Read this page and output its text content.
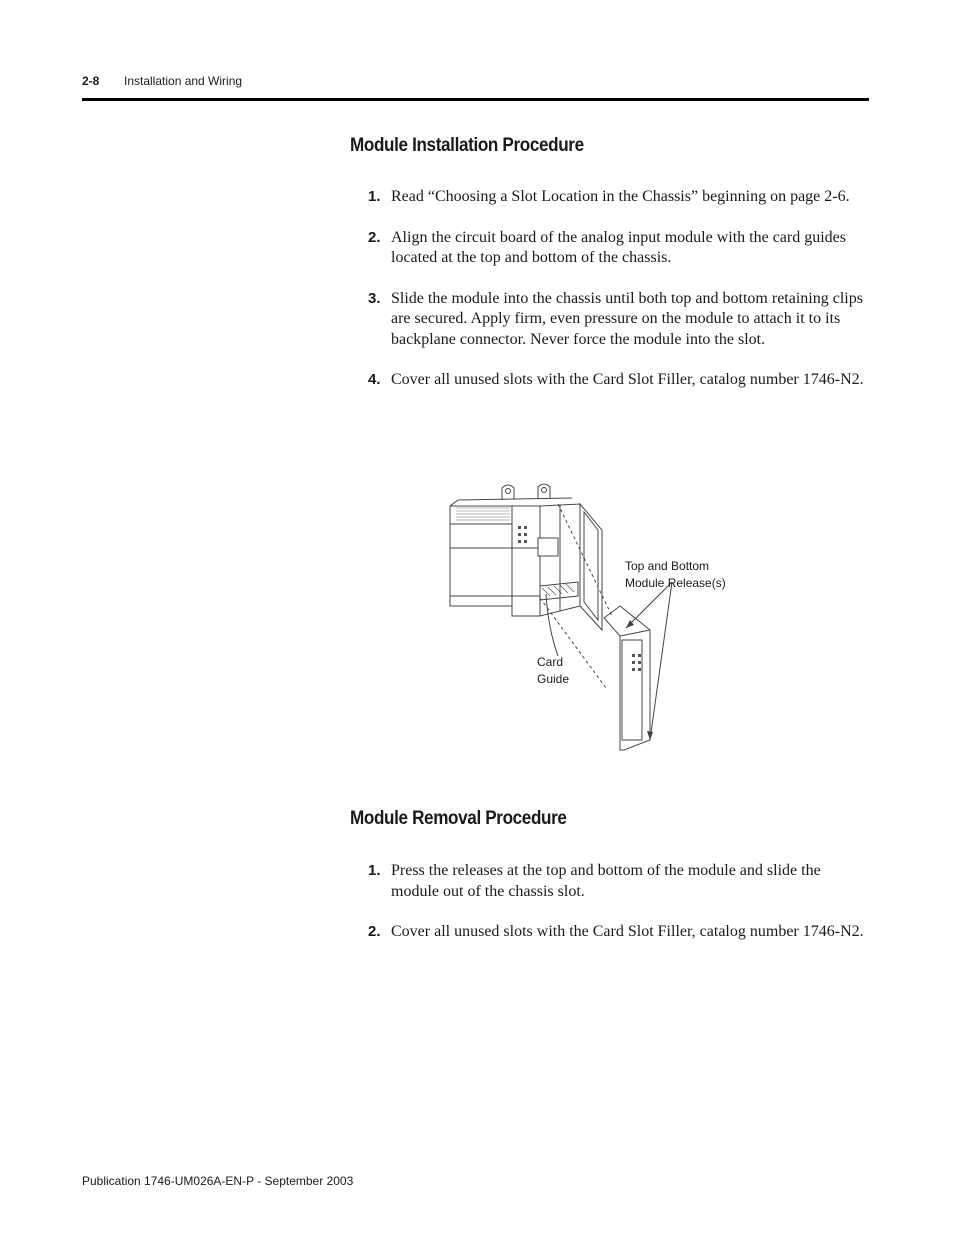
2-8 Installation and Wiring
Module Installation Procedure
1. Read “Choosing a Slot Location in the Chassis” beginning on page 2-6.
2. Align the circuit board of the analog input module with the card guides located at the top and bottom of the chassis.
3. Slide the module into the chassis until both top and bottom retaining clips are secured. Apply firm, even pressure on the module to attach it to its backplane connector. Never force the module into the slot.
4. Cover all unused slots with the Card Slot Filler, catalog number 1746-N2.
Top and Bottom
Module Release(s)
Card
Guide
Module Removal Procedure
1. Press the releases at the top and bottom of the module and slide the module out of the chassis slot.
2. Cover all unused slots with the Card Slot Filler, catalog number 1746-N2.
Publication 1746-UM026A-EN-P - September 2003
